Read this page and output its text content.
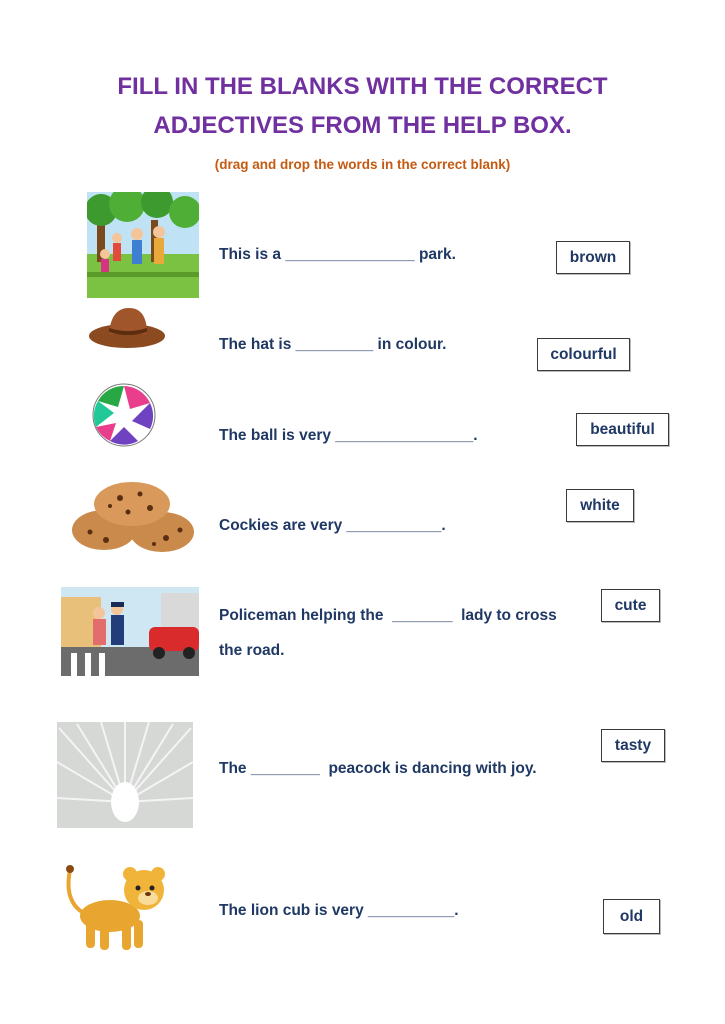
FILL IN THE BLANKS WITH THE CORRECT
ADJECTIVES FROM THE HELP BOX.
(drag and drop the words in the correct blank)
This is a _______________ park.
The hat is _________ in colour.
The ball is very ________________.
Cockies are very ___________.
Policeman helping the  _______  lady to cross
the road.
The ________  peacock is dancing with joy.
The lion cub is very __________.
brown
colourful
beautiful
white
cute
tasty
old
